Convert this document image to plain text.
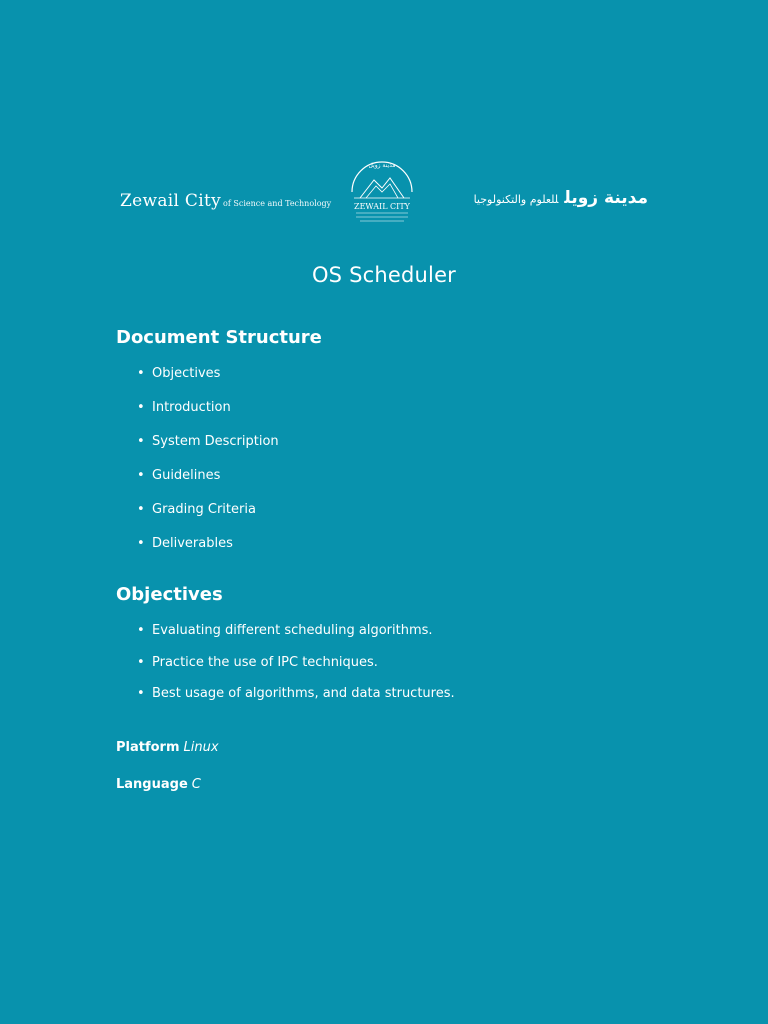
Zewail City of Science and Technology
مدينة زويل
ZEWAIL CITY	مدينة زويلللعلوم والتكنولوجيا
OS Scheduler
Document Structure
• Objectives
• Introduction
• System Description
• Guidelines
• Grading Criteria
• Deliverables
Objectives
• Evaluating different scheduling algorithms.
• Practice the use of IPC techniques.
• Best usage of algorithms, and data structures.

Platform Linux

Language C
